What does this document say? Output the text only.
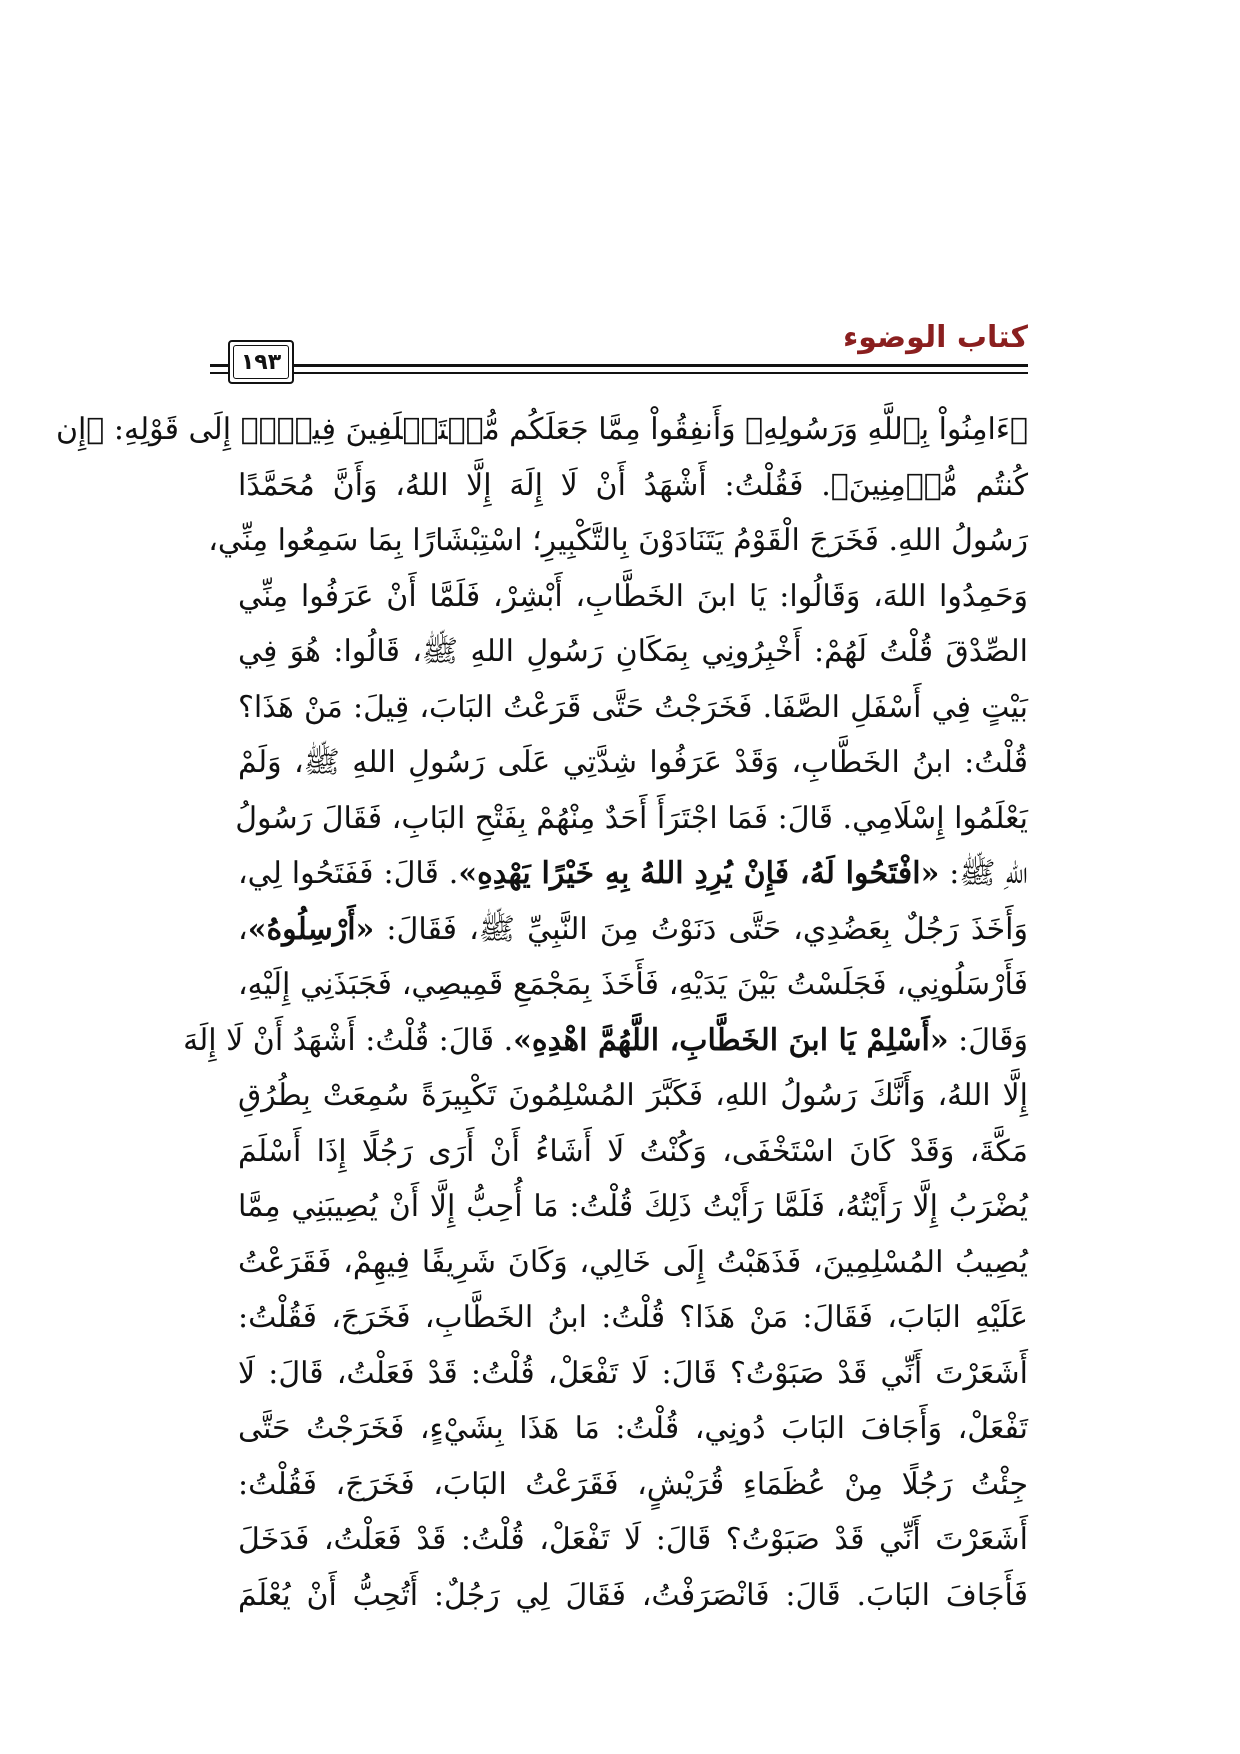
كتاب الوضوء
١٩٣
﴿ءَامِنُواْ بِٱللَّهِ وَرَسُولِهِۦ وَأَنفِقُواْ مِمَّا جَعَلَكُم مُّسۡتَخۡلَفِينَ فِيهِۖ﴾ إِلَى قَوْلِهِ: ﴿إِن
كُنتُم مُّؤۡمِنِينَ﴾. فَقُلْتُ: أَشْهَدُ أَنْ لَا إِلَهَ إِلَّا اللهُ، وَأَنَّ مُحَمَّدًا
رَسُولُ اللهِ. فَخَرَجَ الْقَوْمُ يَتَنَادَوْنَ بِالتَّكْبِيرِ؛ اسْتِبْشَارًا بِمَا سَمِعُوا مِنِّي،
وَحَمِدُوا اللهَ، وَقَالُوا: يَا ابنَ الخَطَّابِ، أَبْشِرْ، فَلَمَّا أَنْ عَرَفُوا مِنِّي
الصِّدْقَ قُلْتُ لَهُمْ: أَخْبِرُونِي بِمَكَانِ رَسُولِ اللهِ ﷺ، قَالُوا: هُوَ فِي
بَيْتٍ فِي أَسْفَلِ الصَّفَا. فَخَرَجْتُ حَتَّى قَرَعْتُ البَابَ، قِيلَ: مَنْ هَذَا؟
قُلْتُ: ابنُ الخَطَّابِ، وَقَدْ عَرَفُوا شِدَّتِي عَلَى رَسُولِ اللهِ ﷺ، وَلَمْ
يَعْلَمُوا إِسْلَامِي. قَالَ: فَمَا اجْتَرَأَ أَحَدٌ مِنْهُمْ بِفَتْحِ البَابِ، فَقَالَ رَسُولُ
اللهِ ﷺ: «افْتَحُوا لَهُ، فَإِنْ يُرِدِ اللهُ بِهِ خَيْرًا يَهْدِهِ». قَالَ: فَفَتَحُوا لِي،
وَأَخَذَ رَجُلٌ بِعَضُدِي، حَتَّى دَنَوْتُ مِنَ النَّبِيِّ ﷺ، فَقَالَ: «أَرْسِلُوهُ»،
فَأَرْسَلُونِي، فَجَلَسْتُ بَيْنَ يَدَيْهِ، فَأَخَذَ بِمَجْمَعِ قَمِيصِي، فَجَبَذَنِي إِلَيْهِ،
وَقَالَ: «أَسْلِمْ يَا ابنَ الخَطَّابِ، اللَّهُمَّ اهْدِهِ». قَالَ: قُلْتُ: أَشْهَدُ أَنْ لَا إِلَهَ
إِلَّا اللهُ، وَأَنَّكَ رَسُولُ اللهِ، فَكَبَّرَ المُسْلِمُونَ تَكْبِيرَةً سُمِعَتْ بِطُرُقِ
مَكَّةَ، وَقَدْ كَانَ اسْتَخْفَى، وَكُنْتُ لَا أَشَاءُ أَنْ أَرَى رَجُلًا إِذَا أَسْلَمَ
يُضْرَبُ إِلَّا رَأَيْتُهُ، فَلَمَّا رَأَيْتُ ذَلِكَ قُلْتُ: مَا أُحِبُّ إِلَّا أَنْ يُصِيبَنِي مِمَّا
يُصِيبُ المُسْلِمِينَ، فَذَهَبْتُ إِلَى خَالِي، وَكَانَ شَرِيفًا فِيهِمْ، فَقَرَعْتُ
عَلَيْهِ البَابَ، فَقَالَ: مَنْ هَذَا؟ قُلْتُ: ابنُ الخَطَّابِ، فَخَرَجَ، فَقُلْتُ:
أَشَعَرْتَ أَنِّي قَدْ صَبَوْتُ؟ قَالَ: لَا تَفْعَلْ، قُلْتُ: قَدْ فَعَلْتُ، قَالَ: لَا
تَفْعَلْ، وَأَجَافَ البَابَ دُونِي، قُلْتُ: مَا هَذَا بِشَيْءٍ، فَخَرَجْتُ حَتَّى
جِئْتُ رَجُلًا مِنْ عُظَمَاءِ قُرَيْشٍ، فَقَرَعْتُ البَابَ، فَخَرَجَ، فَقُلْتُ:
أَشَعَرْتَ أَنِّي قَدْ صَبَوْتُ؟ قَالَ: لَا تَفْعَلْ، قُلْتُ: قَدْ فَعَلْتُ، فَدَخَلَ
فَأَجَافَ البَابَ. قَالَ: فَانْصَرَفْتُ، فَقَالَ لِي رَجُلٌ: أَتُحِبُّ أَنْ يُعْلَمَ
